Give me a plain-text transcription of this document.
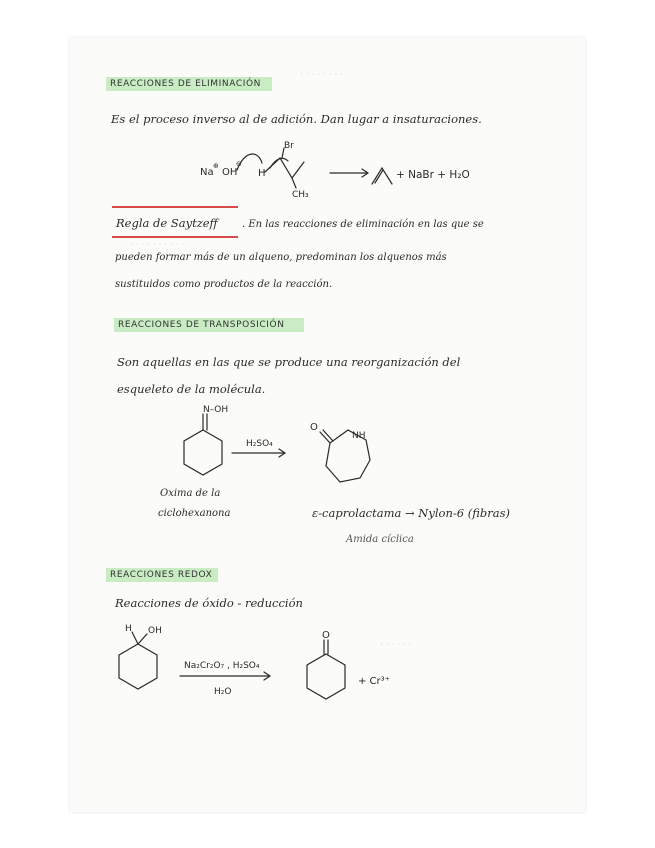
· · · · · · · ·
· · · · · · · · · ·
· · · · · ·
REACCIONES DE ELIMINACIÓN
Es el proceso inverso al de adición. Dan lugar a insaturaciones.
Regla de Saytzeff . En las reacciones de eliminación en las que se
pueden formar más de un alqueno, predominan los alquenos más
sustituidos como productos de la reacción.
REACCIONES DE TRANSPOSICIÓN
Son aquellas en las que se produce una reorganización del
esqueleto de la molécula.
Oxima de la
ciclohexanona	ε-caprolactama → Nylon-6 (fibras)
Amida cíclica
REACCIONES REDOX
Reacciones de óxido - reducción
Na
⊕
OH
⊖
H
Br
CH₃
+ NaBr + H₂O
N–OH
H₂SO₄
O
NH
H OH
Na₂Cr₂O₇ , H₂SO₄
H₂O
O
+ Cr³⁺
